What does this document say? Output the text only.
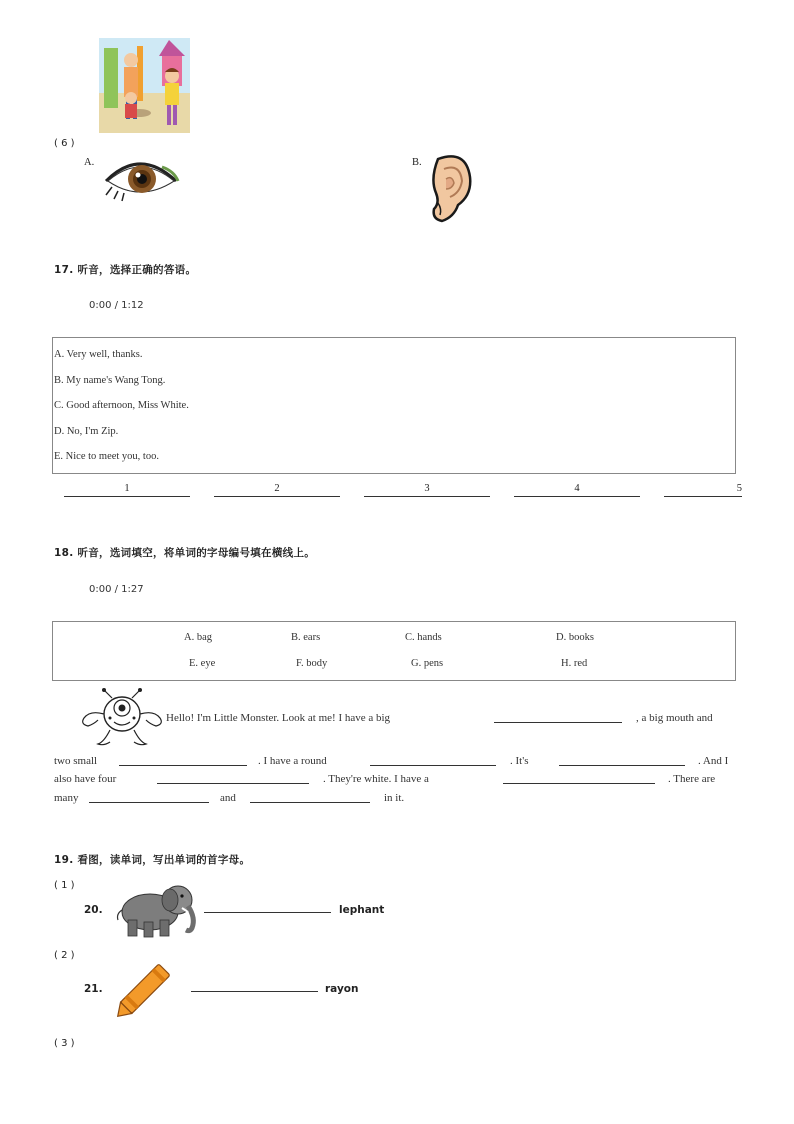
( 6 )
A.	B.
17. 听音，选择正确的答语。
0:00 / 1:12
A. Very well, thanks.
B. My name's Wang Tong.
C. Good afternoon, Miss White.
D. No, I'm Zip.
E. Nice to meet you, too.
1	2	3	4	5
18. 听音，选词填空，将单词的字母编号填在横线上。
0:00 / 1:27
A. bag	B. ears	C. hands	D. books
E. eye	F. body	G. pens	H. red
Hello! I'm Little Monster. Look at me! I have a big	, a big mouth and
two small	. I have a round	. It's	. And I
also have four	. They're white. I have a	. There are
many	and	in it.
19. 看图，读单词，写出单词的首字母。
( 1 )
20.	lephant
( 2 )
21.	rayon
( 3 )
